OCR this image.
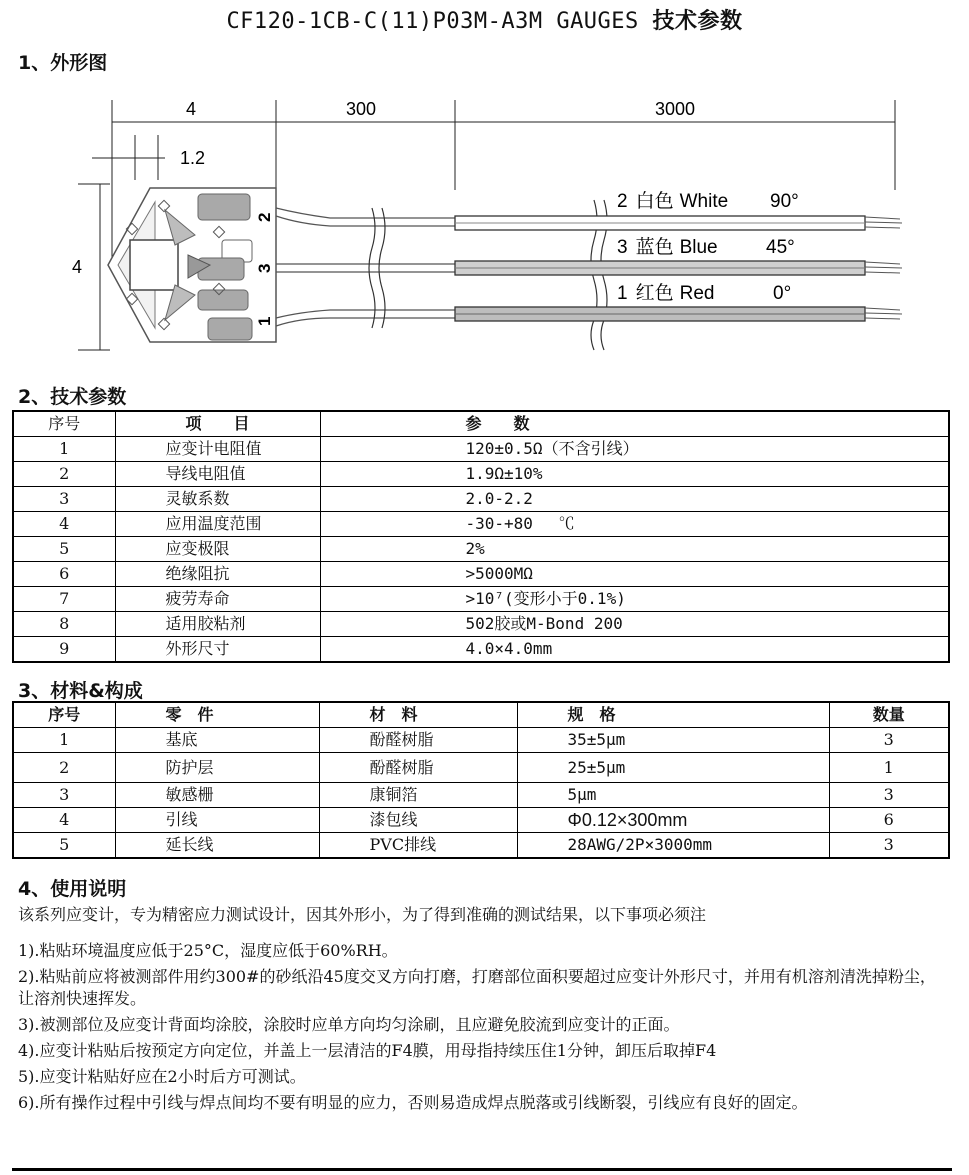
CF120-1CB-C(11)P03M-A3M GAUGES 技术参数
1、外形图
4	300	3000
1.2
4
2
3
1
2 白色 White 90°
3 蓝色 Blue	45°
1 红色 Red	0°
2、技术参数
序号	项　　目	参　　数
1	应变计电阻值	120±0.5Ω（不含引线）
2	导线电阻值	1.9Ω±10%
3	灵敏系数	2.0-2.2
4	应用温度范围	-30-+80　 ℃
5	应变极限	2%
6	绝缘阻抗	>5000MΩ
7	疲劳寿命	>10⁷(变形小于0.1%)
8	适用胶粘剂	502胶或M-Bond 200
9	外形尺寸	4.0×4.0mm
3、材料&构成
序号	零　件	材　料	规　格	数量
1	基底	酚醛树脂	35±5μm	3
2	防护层	酚醛树脂	25±5μm	1
3	敏感栅	康铜箔	5μm	3
4	引线	漆包线	Φ0.12×300mm	6
5	延长线	PVC排线	28AWG/2P×3000mm	3
4、使用说明

该系列应变计，专为精密应力测试设计，因其外形小，为了得到准确的测试结果，以下事项必须注

1).粘贴环境温度应低于25°C，湿度应低于60%RH。

2).粘贴前应将被测部件用约300#的砂纸沿45度交叉方向打磨，打磨部位面积要超过应变计外形尺寸，并用有机溶剂清洗掉粉尘，让溶剂快速挥发。

3).被测部位及应变计背面均涂胶，涂胶时应单方向均匀涂刷，且应避免胶流到应变计的正面。

4).应变计粘贴后按预定方向定位，并盖上一层清洁的F4膜，用母指持续压住1分钟，卸压后取掉F4

5).应变计粘贴好应在2小时后方可测试。

6).所有操作过程中引线与焊点间均不要有明显的应力，否则易造成焊点脱落或引线断裂，引线应有良好的固定。
